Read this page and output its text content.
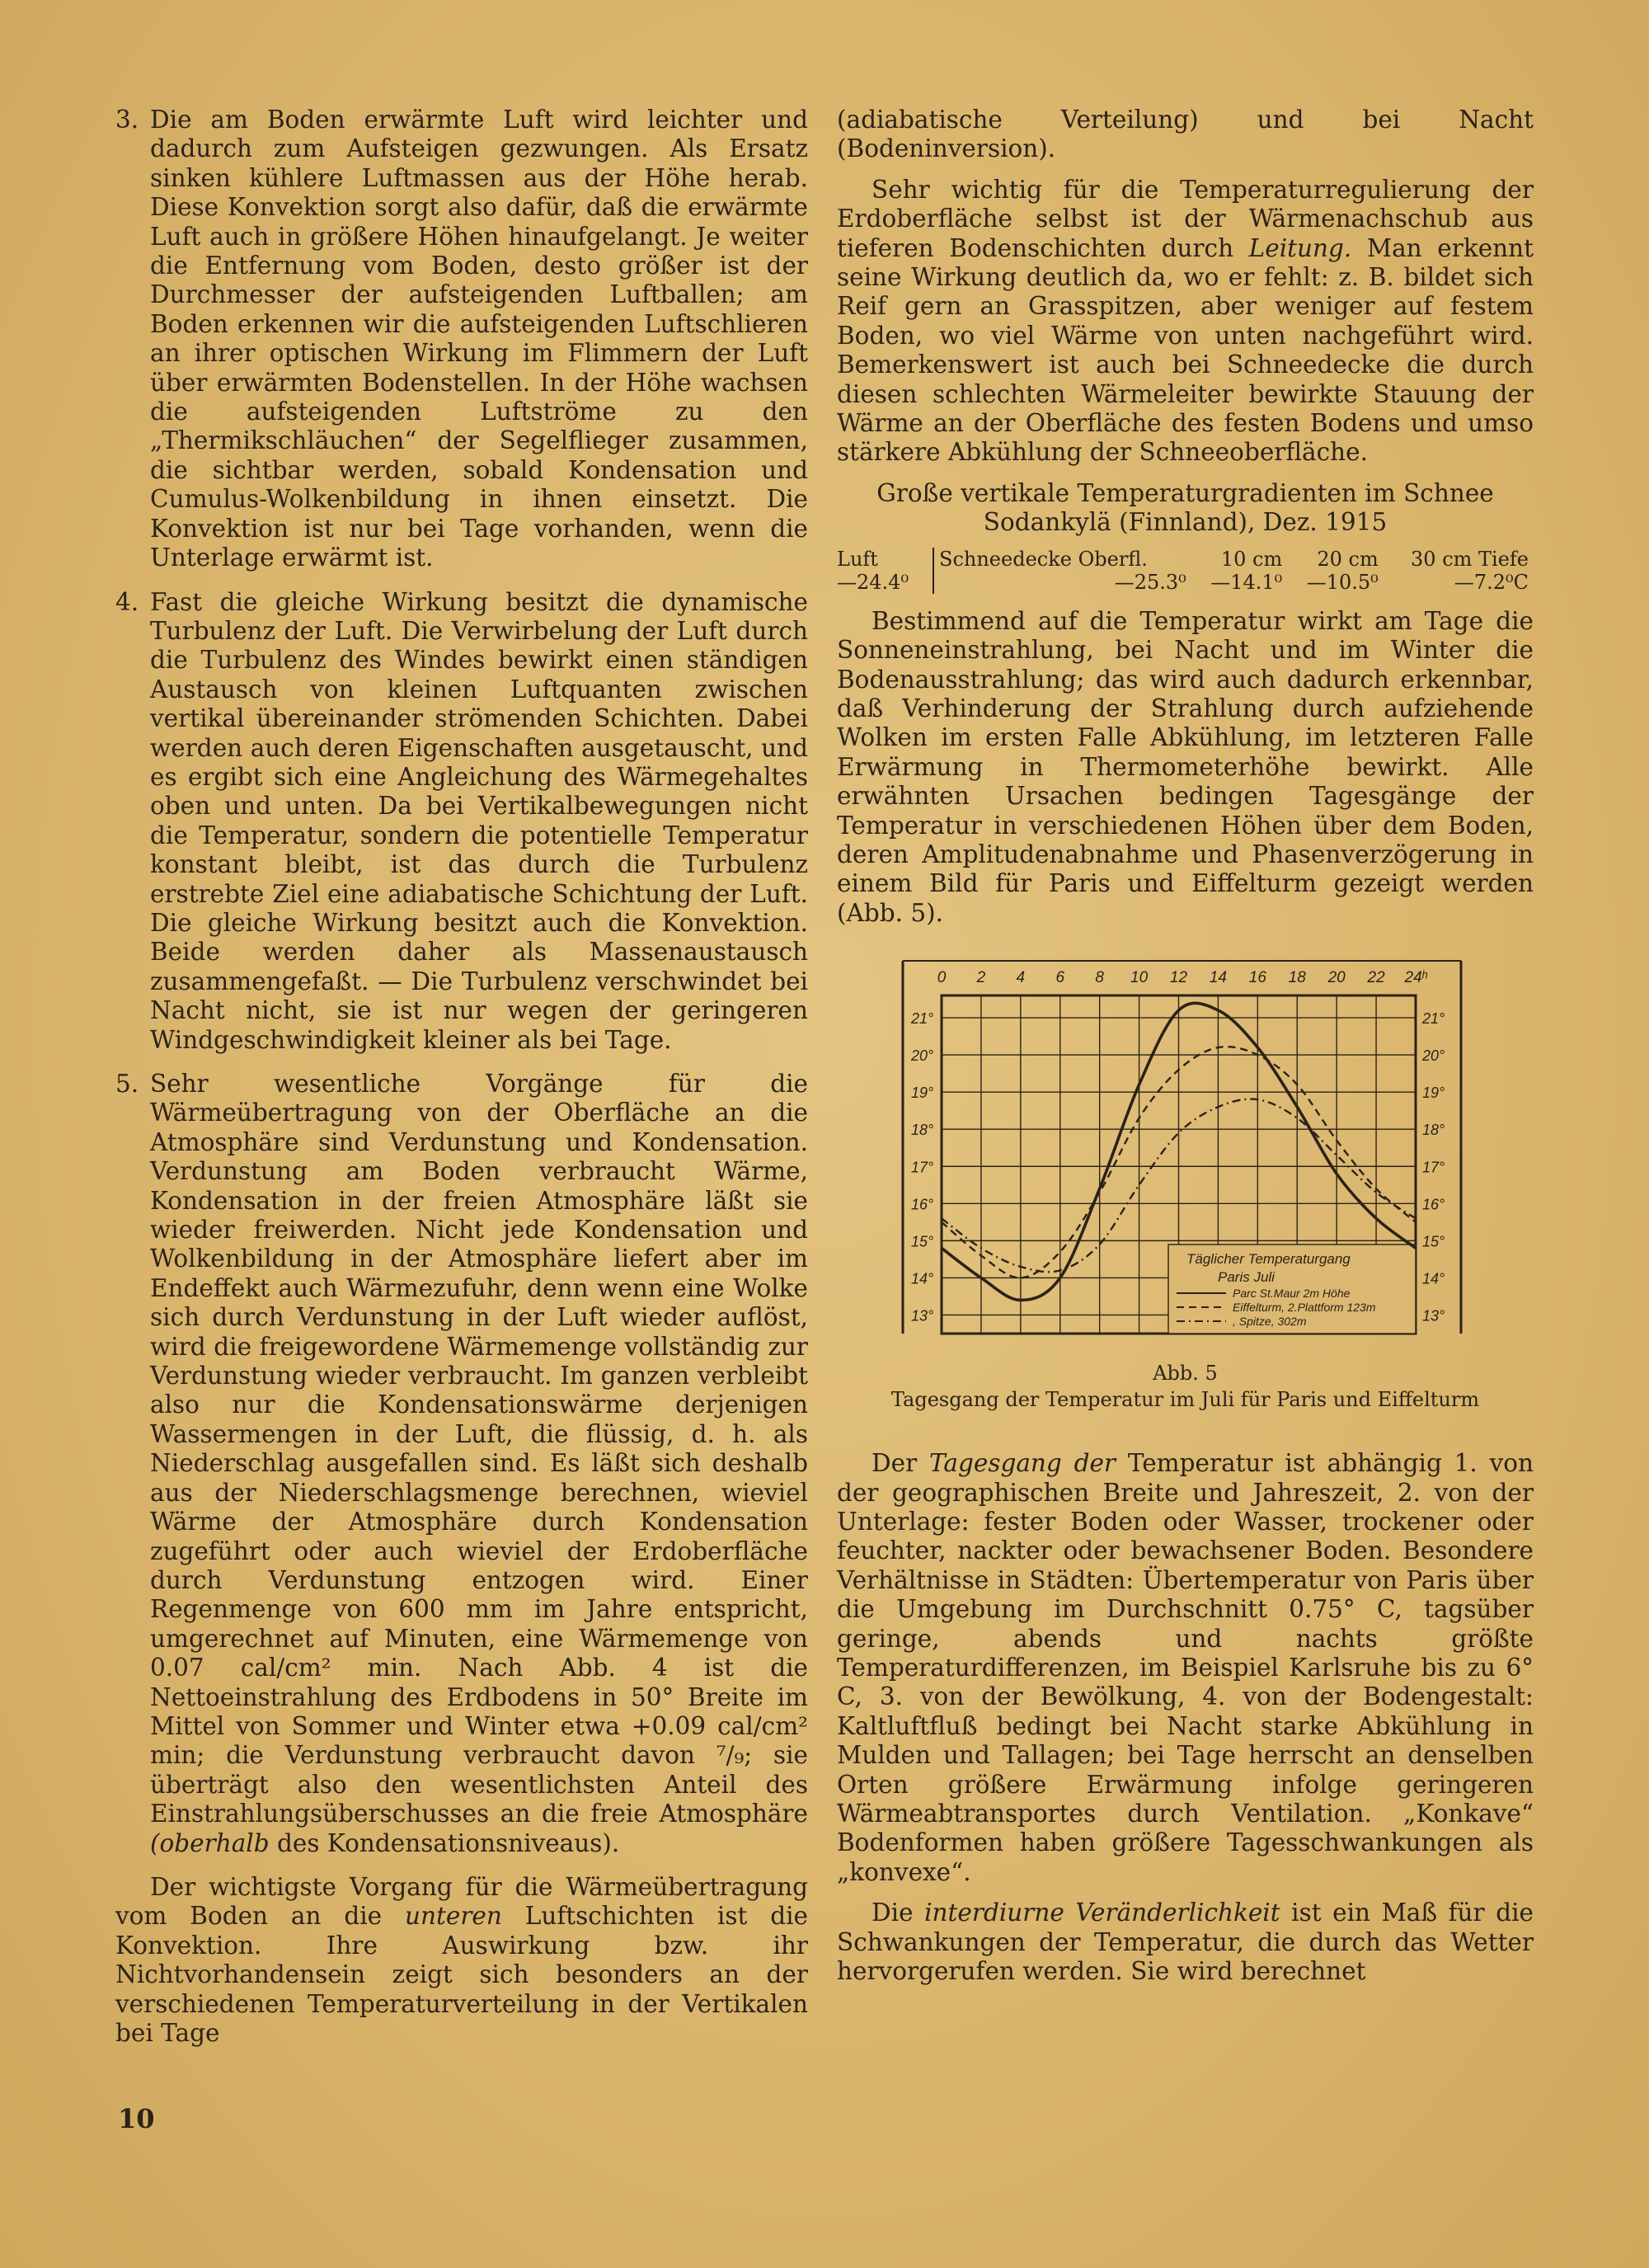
3. Die am Boden erwärmte Luft wird leichter und dadurch zum Aufsteigen gezwungen. Als Ersatz sinken kühlere Luftmassen aus der Höhe herab. Diese Konvektion sorgt also dafür, daß die erwärmte Luft auch in größere Höhen hinaufgelangt. Je weiter die Entfernung vom Boden, desto größer ist der Durchmesser der aufsteigenden Luftballen; am Boden erkennen wir die aufsteigenden Luftschlieren an ihrer optischen Wirkung im Flimmern der Luft über erwärmten Bodenstellen. In der Höhe wachsen die aufsteigenden Luftströme zu den „Thermikschläuchen“ der Segelflieger zusammen, die sichtbar werden, sobald Kondensation und Cumulus-Wolkenbildung in ihnen einsetzt. Die Konvektion ist nur bei Tage vorhanden, wenn die Unterlage erwärmt ist.
4. Fast die gleiche Wirkung besitzt die dynamische Turbulenz der Luft. Die Verwirbelung der Luft durch die Turbulenz des Windes bewirkt einen ständigen Austausch von kleinen Luftquanten zwischen vertikal übereinander strömenden Schichten. Dabei werden auch deren Eigenschaften ausgetauscht, und es ergibt sich eine Angleichung des Wärmegehaltes oben und unten. Da bei Vertikalbewegungen nicht die Temperatur, sondern die potentielle Temperatur konstant bleibt, ist das durch die Turbulenz erstrebte Ziel eine adiabatische Schichtung der Luft. Die gleiche Wirkung besitzt auch die Konvektion. Beide werden daher als Massenaustausch zusammengefaßt. — Die Turbulenz verschwindet bei Nacht nicht, sie ist nur wegen der geringeren Windgeschwindigkeit kleiner als bei Tage.
5. Sehr wesentliche Vorgänge für die Wärmeübertragung von der Oberfläche an die Atmosphäre sind Verdunstung und Kondensation. Verdunstung am Boden verbraucht Wärme, Kondensation in der freien Atmosphäre läßt sie wieder freiwerden. Nicht jede Kondensation und Wolkenbildung in der Atmosphäre liefert aber im Endeffekt auch Wärmezufuhr, denn wenn eine Wolke sich durch Verdunstung in der Luft wieder auflöst, wird die freigewordene Wärmemenge vollständig zur Verdunstung wieder verbraucht. Im ganzen verbleibt also nur die Kondensationswärme derjenigen Wassermengen in der Luft, die flüssig, d. h. als Niederschlag ausgefallen sind. Es läßt sich deshalb aus der Niederschlagsmenge berechnen, wieviel Wärme der Atmosphäre durch Kondensation zugeführt oder auch wieviel der Erdoberfläche durch Verdunstung entzogen wird. Einer Regenmenge von 600 mm im Jahre entspricht, umgerechnet auf Minuten, eine Wärmemenge von 0.07 cal/cm² min. Nach Abb. 4 ist die Nettoeinstrahlung des Erdbodens in 50° Breite im Mittel von Sommer und Winter etwa +0.09 cal/cm² min; die Verdunstung verbraucht davon ⁷/₉; sie überträgt also den wesentlichsten Anteil des Einstrahlungsüberschusses an die freie Atmosphäre (oberhalb des Kondensationsniveaus).

Der wichtigste Vorgang für die Wärmeübertragung vom Boden an die unteren Luftschichten ist die Konvektion. Ihre Auswirkung bzw. ihr Nichtvorhandensein zeigt sich besonders an der verschiedenen Temperaturverteilung in der Vertikalen bei Tage

(adiabatische Verteilung) und bei Nacht (Bodeninversion).

Sehr wichtig für die Temperaturregulierung der Erdoberfläche selbst ist der Wärmenachschub aus tieferen Bodenschichten durch Leitung. Man erkennt seine Wirkung deutlich da, wo er fehlt: z. B. bildet sich Reif gern an Grasspitzen, aber weniger auf festem Boden, wo viel Wärme von unten nachgeführt wird. Bemerkenswert ist auch bei Schneedecke die durch diesen schlechten Wärmeleiter bewirkte Stauung der Wärme an der Oberfläche des festen Bodens und umso stärkere Abkühlung der Schneeoberfläche.

Große vertikale Temperaturgradienten im Schnee
Sodankylä (Finnland), Dez. 1915
Luft	Schneedecke Oberfl.	10 cm	20 cm	30 cm Tiefe
—24.4⁰	—25.3⁰	—14.1⁰	—10.5⁰	—7.2⁰C

Bestimmend auf die Temperatur wirkt am Tage die Sonneneinstrahlung, bei Nacht und im Winter die Bodenausstrahlung; das wird auch dadurch erkennbar, daß Verhinderung der Strahlung durch aufziehende Wolken im ersten Falle Abkühlung, im letzteren Falle Erwärmung in Thermometerhöhe bewirkt. Alle erwähnten Ursachen bedingen Tagesgänge der Temperatur in verschiedenen Höhen über dem Boden, deren Amplitudenabnahme und Phasenverzögerung in einem Bild für Paris und Eiffelturm gezeigt werden (Abb. 5).

0 2 4 6 8 10 12 14 16 18 20 22 24ʰ
21°	21°
20°	20°
19°	19°
18°	18°
17°	17°
16°	16°
15°	15°
14°	14°
13°	13°
Täglicher Temperaturgang
Paris Juli
Parc St.Maur 2m Höhe
Eiffelturm, 2.Plattform 123m
, Spitze, 302m
Abb. 5
Tagesgang der Temperatur im Juli für Paris und Eiffelturm

Der Tagesgang der Temperatur ist abhängig 1. von der geographischen Breite und Jahreszeit, 2. von der Unterlage: fester Boden oder Wasser, trockener oder feuchter, nackter oder bewachsener Boden. Besondere Verhältnisse in Städten: Übertemperatur von Paris über die Umgebung im Durchschnitt 0.75° C, tagsüber geringe, abends und nachts größte Temperaturdifferenzen, im Beispiel Karlsruhe bis zu 6° C, 3. von der Bewölkung, 4. von der Bodengestalt: Kaltluftfluß bedingt bei Nacht starke Abkühlung in Mulden und Tallagen; bei Tage herrscht an denselben Orten größere Erwärmung infolge geringeren Wärmeabtransportes durch Ventilation. „Konkave“ Bodenformen haben größere Tagesschwankungen als „konvexe“.

Die interdiurne Veränderlichkeit ist ein Maß für die Schwankungen der Temperatur, die durch das Wetter hervorgerufen werden. Sie wird berechnet

10
